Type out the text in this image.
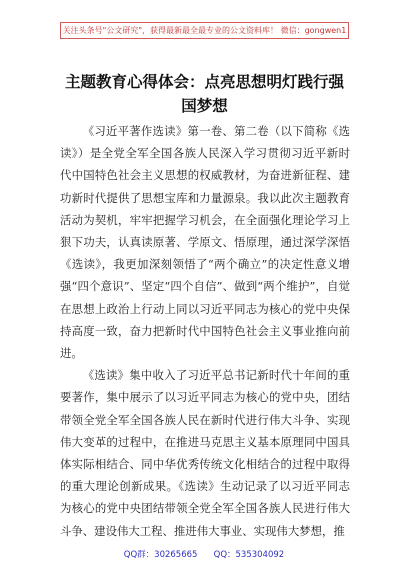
关注头条号"公文研究"，获得最新最全最专业的公文资料库！ 微信：gongwen1
主题教育心得体会：点亮思想明灯践行强国梦想

《习近平著作选读》第一卷、第二卷（以下简称《选读》）是全党全军全国各族人民深入学习贯彻习近平新时代中国特色社会主义思想的权威教材，为奋进新征程、建功新时代提供了思想宝库和力量源泉。我以此次主题教育活动为契机，牢牢把握学习机会，在全面强化理论学习上狠下功夫，认真读原著、学原文、悟原理，通过深学深悟《选读》，我更加深刻领悟了“两个确立”的决定性意义增强“四个意识”、坚定“四个自信”、做到“两个维护”，自觉在思想上政治上行动上同以习近平同志为核心的党中央保持高度一致，奋力把新时代中国特色社会主义事业推向前进。

《选读》集中收入了习近平总书记新时代十年间的重要著作，集中展示了以习近平同志为核心的党中央，团结带领全党全军全国各族人民在新时代进行伟大斗争、实现伟大变革的过程中，在推进马克思主义基本原理同中国具体实际相结合、同中华优秀传统文化相结合的过程中取得的重大理论创新成果。《选读》生动记录了以习近平同志为核心的党中央团结带领全党全军全国各族人民进行伟大斗争、建设伟大工程、推进伟大事业、实现伟大梦想，推

QQ群：30265665      QQ：535304092
